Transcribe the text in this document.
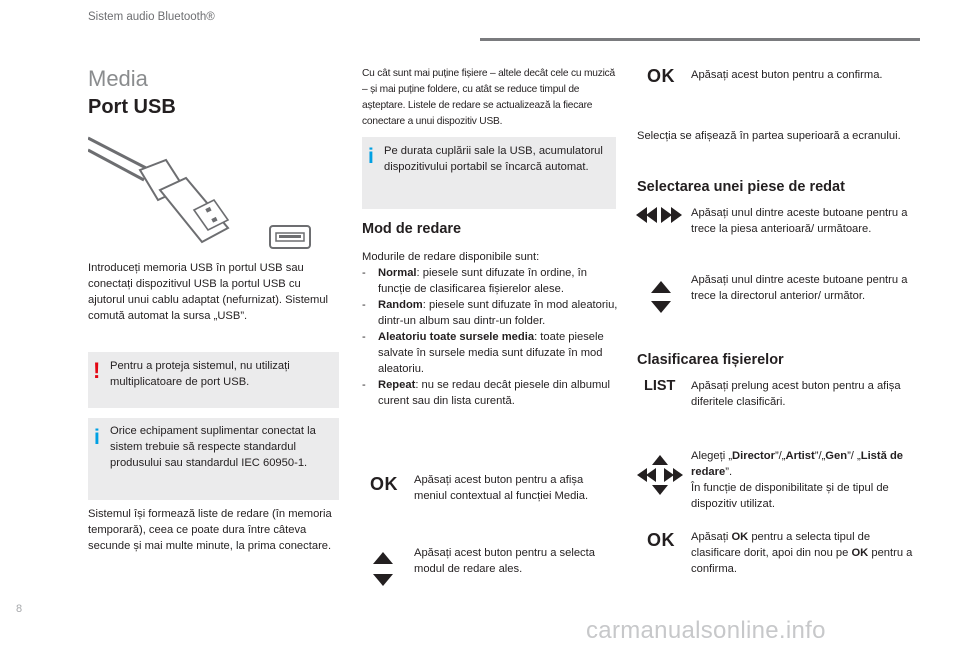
Sistem audio Bluetooth®
Media
Port USB
Introduceți memoria USB în portul USB sau conectați dispozitivul USB la portul USB cu ajutorul unui cablu adaptat (nefurnizat). Sistemul comută automat la sursa „USB”.
! Pentru a proteja sistemul, nu utilizați multiplicatoare de port USB.
i Orice echipament suplimentar conectat la sistem trebuie să respecte standardul produsului sau standardul IEC 60950-1.
Sistemul își formează liste de redare (în memoria temporară), ceea ce poate dura între câteva secunde și mai multe minute, la prima conectare.
Cu cât sunt mai puține fișiere – altele decât cele cu muzică – și mai puține foldere, cu atât se reduce timpul de așteptare. Listele de redare se actualizează la fiecare conectare a unui dispozitiv USB.
i Pe durata cuplării sale la USB, acumulatorul dispozitivului portabil se încarcă automat.
Mod de redare
Modurile de redare disponibile sunt:
- Normal: piesele sunt difuzate în ordine, în funcție de clasificarea fișierelor alese.
- Random: piesele sunt difuzate în mod aleatoriu, dintr-un album sau dintr-un folder.
- Aleatoriu toate sursele media: toate piesele salvate în sursele media sunt difuzate în mod aleatoriu.
- Repeat: nu se redau decât piesele din albumul curent sau din lista curentă.
OK Apăsați acest buton pentru a afișa meniul contextual al funcției Media.
Apăsați acest buton pentru a selecta modul de redare ales.
OK Apăsați acest buton pentru a confirma.
Selecția se afișează în partea superioară a ecranului.
Selectarea unei piese de redat
Apăsați unul dintre aceste butoane pentru a trece la piesa anterioară/ următoare.
Apăsați unul dintre aceste butoane pentru a trece la directorul anterior/ următor.
Clasificarea fișierelor
LIST Apăsați prelung acest buton pentru a afișa diferitele clasificări.
Alegeți „Director”/„Artist”/„Gen”/ „Listă de redare”.
În funcție de disponibilitate și de tipul de dispozitiv utilizat.
OK Apăsați OK pentru a selecta tipul de clasificare dorit, apoi din nou pe OK pentru a confirma.
8
carmanualsonline.info
